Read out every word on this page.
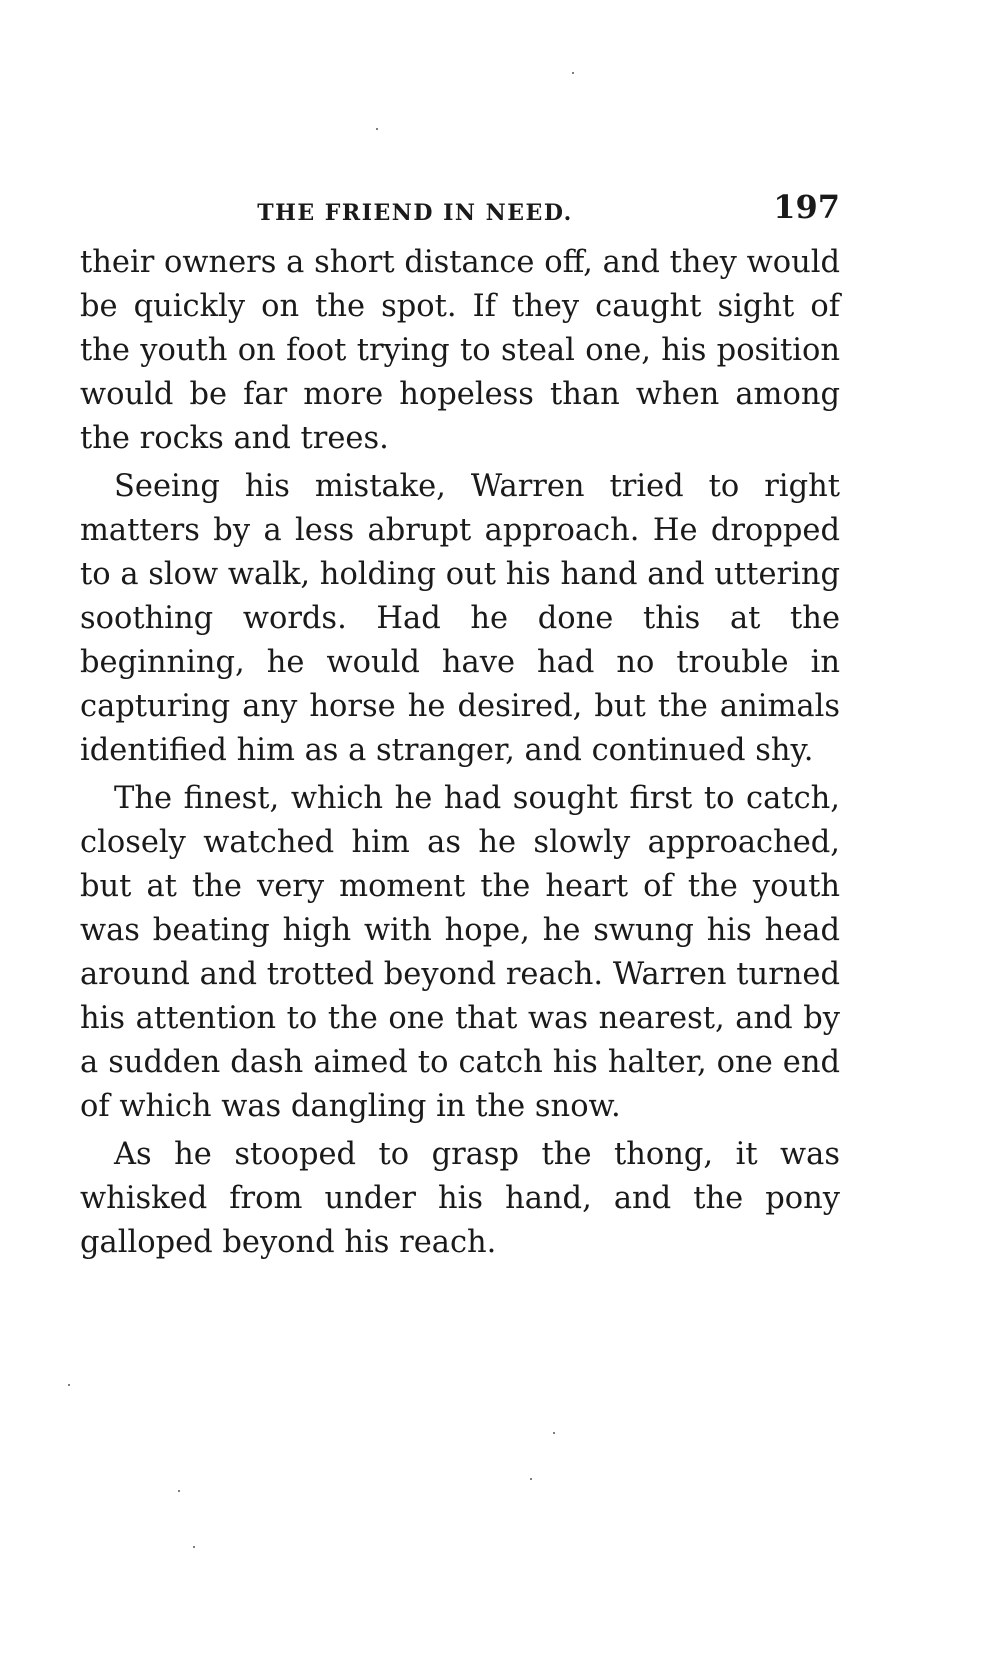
THE FRIEND IN NEED.	197

their owners a short distance off, and they would be quickly on the spot. If they caught sight of the youth on foot trying to steal one, his position would be far more hopeless than when among the rocks and trees.

Seeing his mistake, Warren tried to right matters by a less abrupt approach. He dropped to a slow walk, holding out his hand and uttering soothing words. Had he done this at the beginning, he would have had no trouble in capturing any horse he desired, but the animals identified him as a stranger, and continued shy.

The finest, which he had sought first to catch, closely watched him as he slowly approached, but at the very moment the heart of the youth was beating high with hope, he swung his head around and trotted beyond reach. Warren turned his attention to the one that was nearest, and by a sudden dash aimed to catch his halter, one end of which was dangling in the snow.

As he stooped to grasp the thong, it was whisked from under his hand, and the pony galloped beyond his reach.
